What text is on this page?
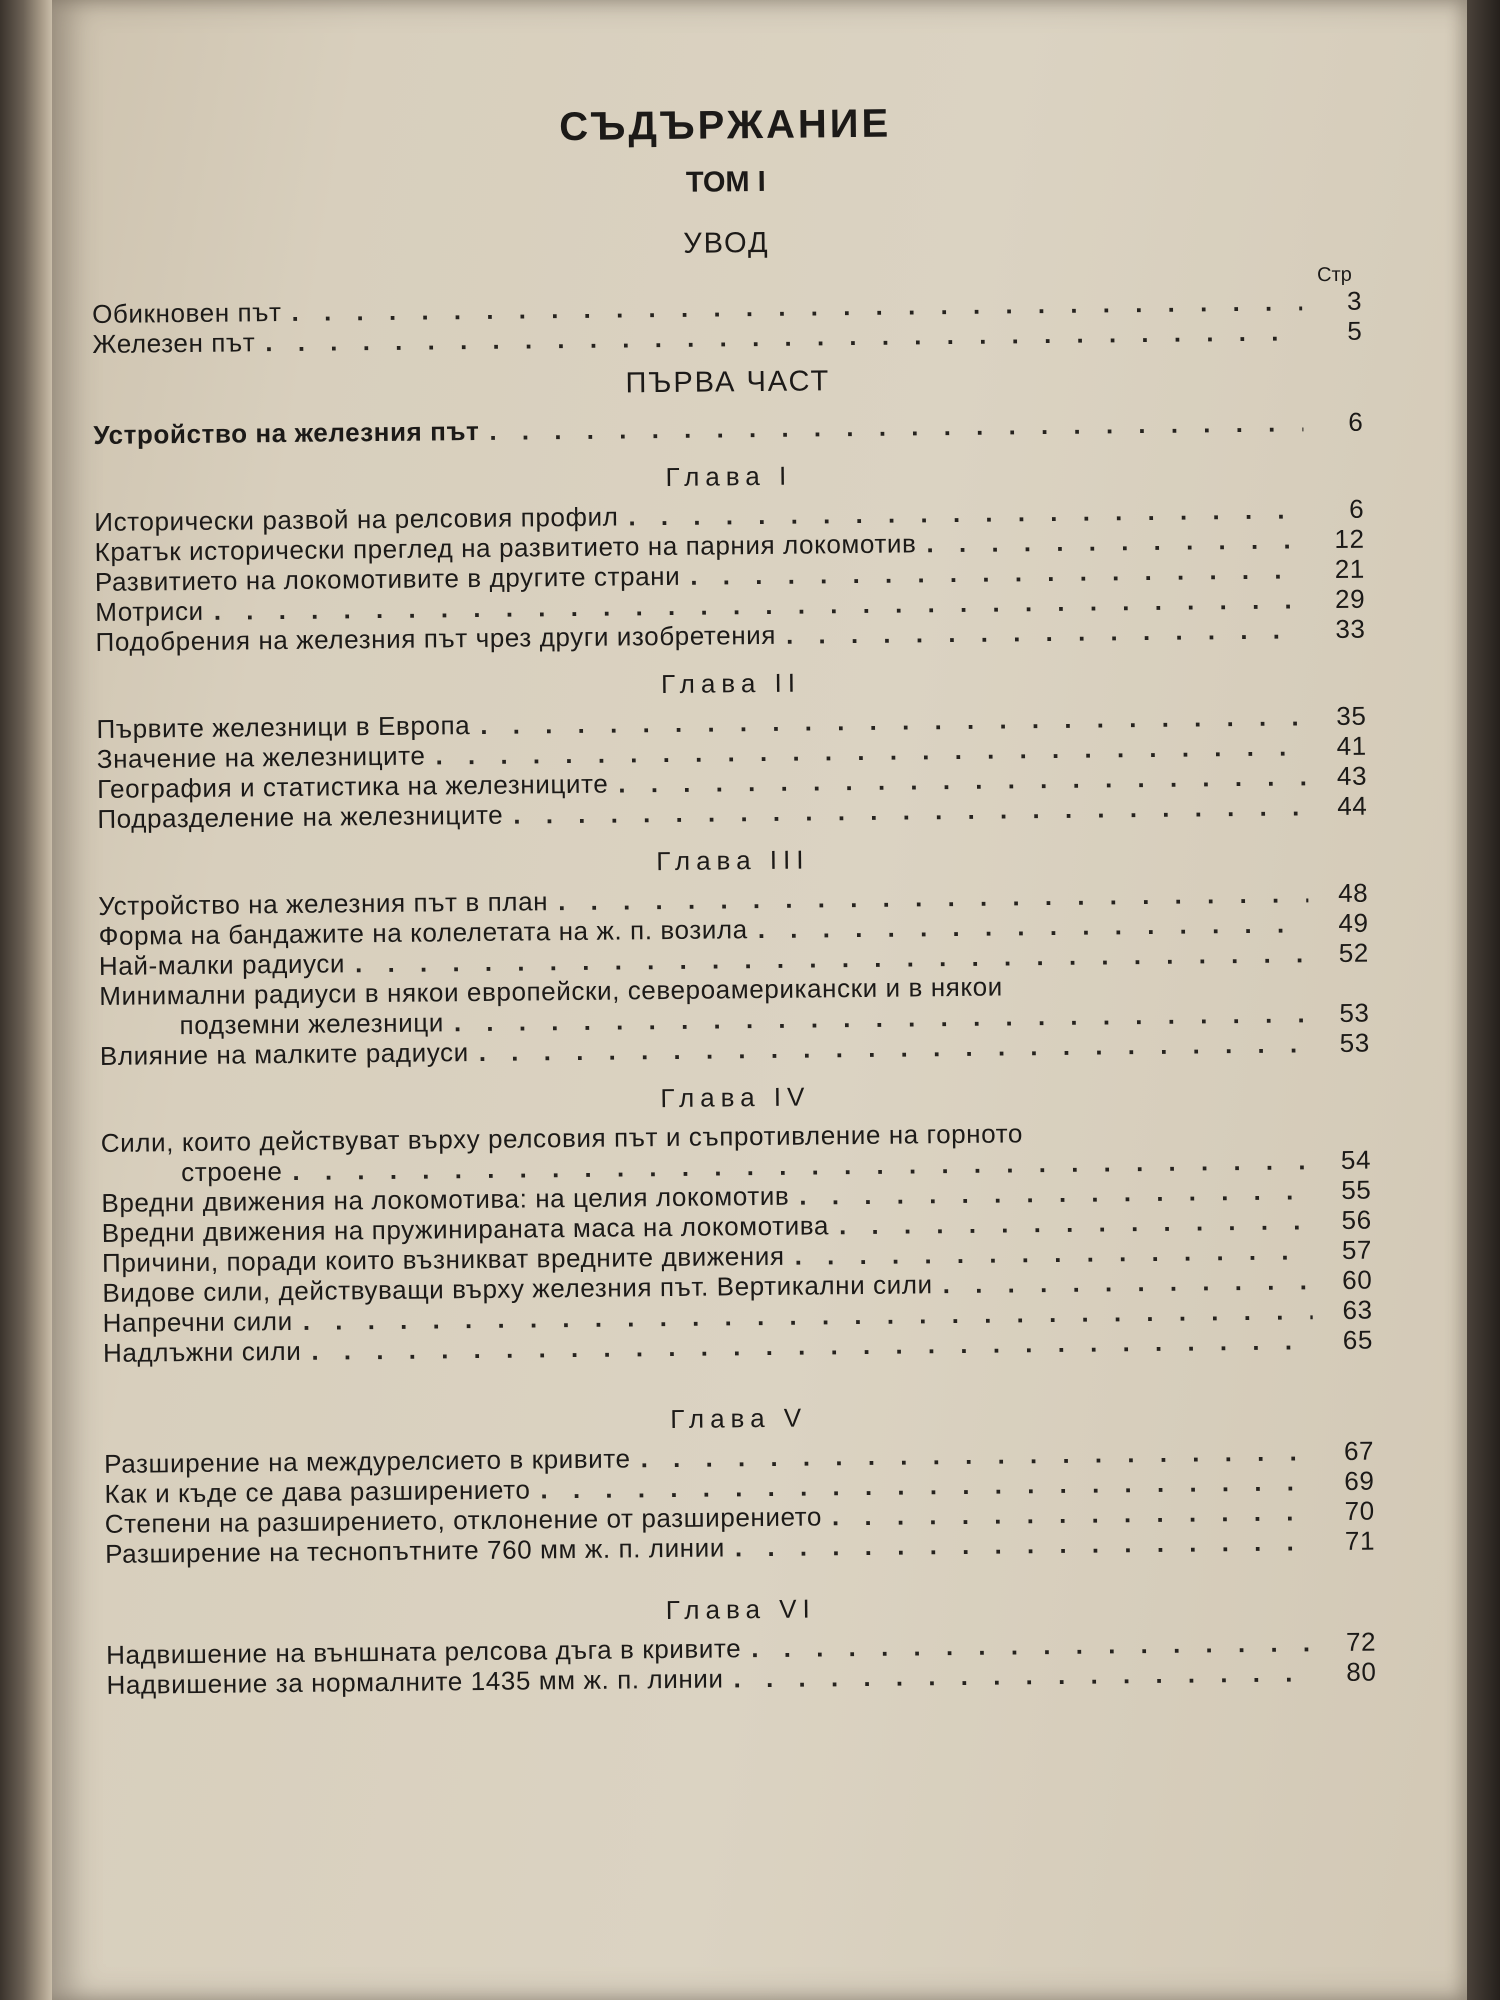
СЪДЪРЖАНИЕ
ТОМ I
УВОД
Стр
Обикновен път . . .	3
Железен път . . .	5
ПЪРВА ЧАСТ
Устройство на железния път . . .	6
Глава I
Исторически развой на релсовия профил . . .	6
Кратък исторически преглед на развитието на парния локомотив . . .	12
Развитието на локомотивите в другите страни . . .	21
Мотриси . . .	29
Подобрения на железния път чрез други изобретения . . .	33
Глава II
Първите железници в Европа . . .	35
Значение на железниците . . .	41
География и статистика на железниците . . .	43
Подразделение на железниците . . .	44
Глава III
Устройство на железния път в план . . .	48
Форма на бандажите на колелетата на ж. п. возила . . .	49
Най-малки радиуси . . .	52
Минимални радиуси в някои европейски, северoамерикански и в някои
подземни железници . . .	53
Влияние на малките радиуси . . .	53
Глава IV
Сили, които действуват върху релсовия път и съпротивление на горното
строене . . .	54
Вредни движения на локомотива: на целия локомотив . . .	55
Вредни движения на пружинираната маса на локомотива . . .	56
Причини, поради които възникват вредните движения . . .	57
Видове сили, действуващи върху железния път. Вертикални сили . . .	60
Напречни сили . . .	63
Надлъжни сили . . .	65
Глава V
Разширение на междурелсието в кривите . . .	67
Как и къде се дава разширението . . .	69
Степени на разширението, отклонение от разширението . . .	70
Разширение на теснопътните 760 мм ж. п. линии . . .	71
Глава VI
Надвишение на външната релсова дъга в кривите . . .	72
Надвишение за нормалните 1435 мм ж. п. линии . . .	80
